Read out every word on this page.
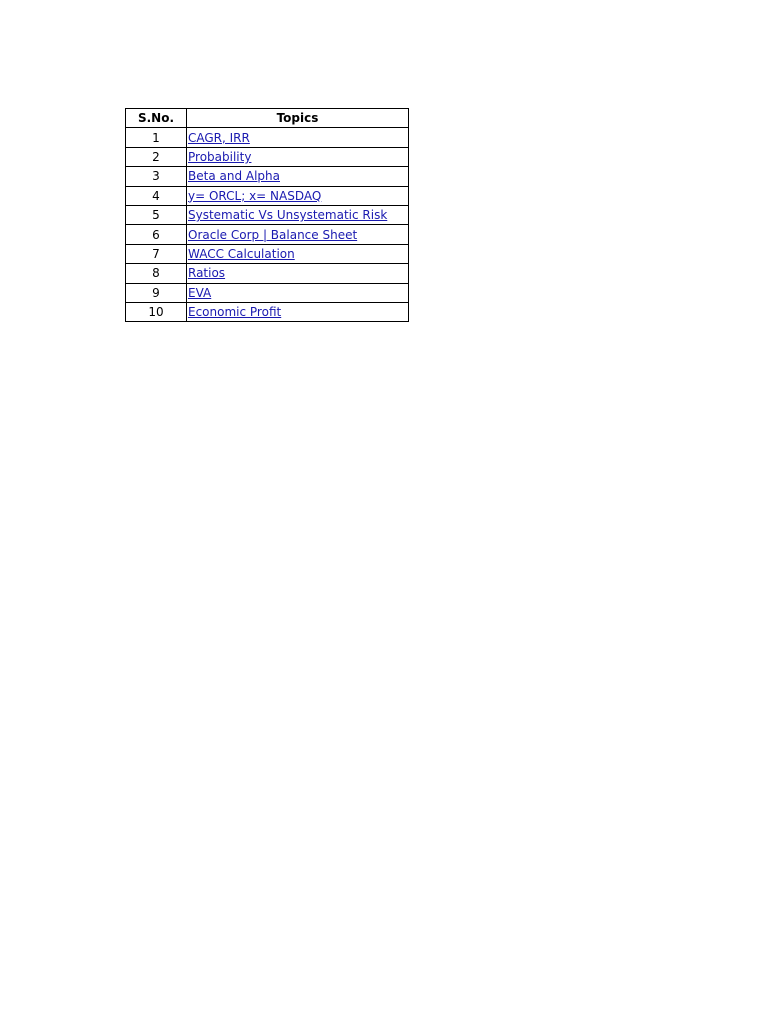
S.No.	Topics
1	CAGR, IRR
2	Probability
3	Beta and Alpha
4	y= ORCL; x= NASDAQ
5	Systematic Vs Unsystematic Risk
6	Oracle Corp | Balance Sheet
7	WACC Calculation
8	Ratios
9	EVA
10	Economic Profit
